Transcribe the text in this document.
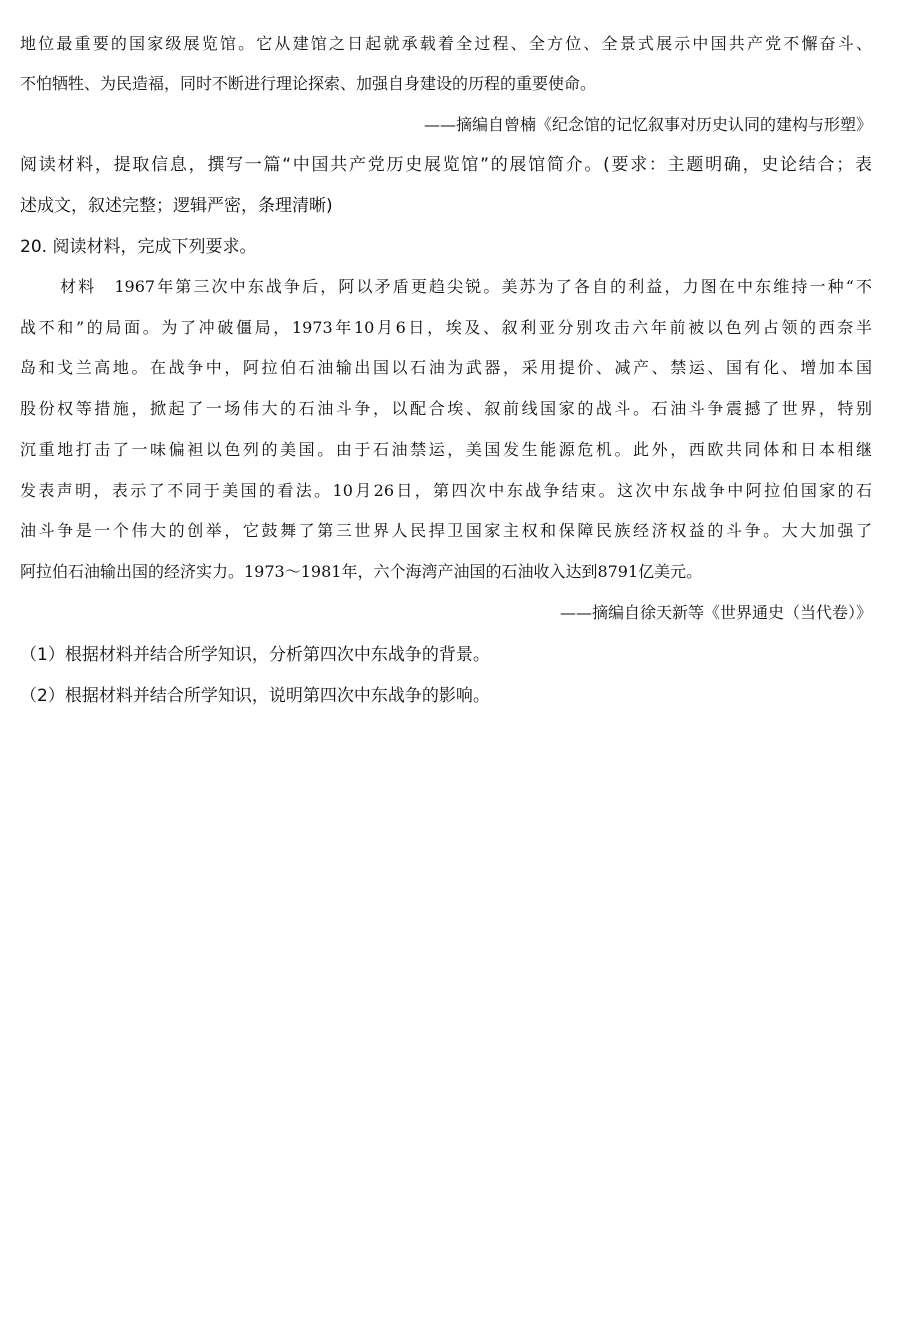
地位最重要的国家级展览馆。它从建馆之日起就承载着全过程、全方位、全景式展示中国共产党不懈奋斗、
不怕牺牲、为民造福，同时不断进行理论探索、加强自身建设的历程的重要使命。
——摘编自曾楠《纪念馆的记忆叙事对历史认同的建构与形塑》
阅读材料，提取信息，撰写一篇“中国共产党历史展览馆”的展馆简介。(要求：主题明确，史论结合；表
述成文，叙述完整；逻辑严密，条理清晰)
20. 阅读材料，完成下列要求。
材料　1967年第三次中东战争后，阿以矛盾更趋尖锐。美苏为了各自的利益，力图在中东维持一种“不
战不和”的局面。为了冲破僵局，1973年10月6日，埃及、叙利亚分别攻击六年前被以色列占领的西奈半
岛和戈兰高地。在战争中，阿拉伯石油输出国以石油为武器，采用提价、减产、禁运、国有化、增加本国
股份权等措施，掀起了一场伟大的石油斗争，以配合埃、叙前线国家的战斗。石油斗争震撼了世界，特别
沉重地打击了一味偏袒以色列的美国。由于石油禁运，美国发生能源危机。此外，西欧共同体和日本相继
发表声明，表示了不同于美国的看法。10月26日，第四次中东战争结束。这次中东战争中阿拉伯国家的石
油斗争是一个伟大的创举，它鼓舞了第三世界人民捍卫国家主权和保障民族经济权益的斗争。大大加强了
阿拉伯石油输出国的经济实力。1973～1981年，六个海湾产油国的石油收入达到8791亿美元。
——摘编自徐天新等《世界通史（当代卷）》
（1）根据材料并结合所学知识，分析第四次中东战争的背景。
（2）根据材料并结合所学知识，说明第四次中东战争的影响。
